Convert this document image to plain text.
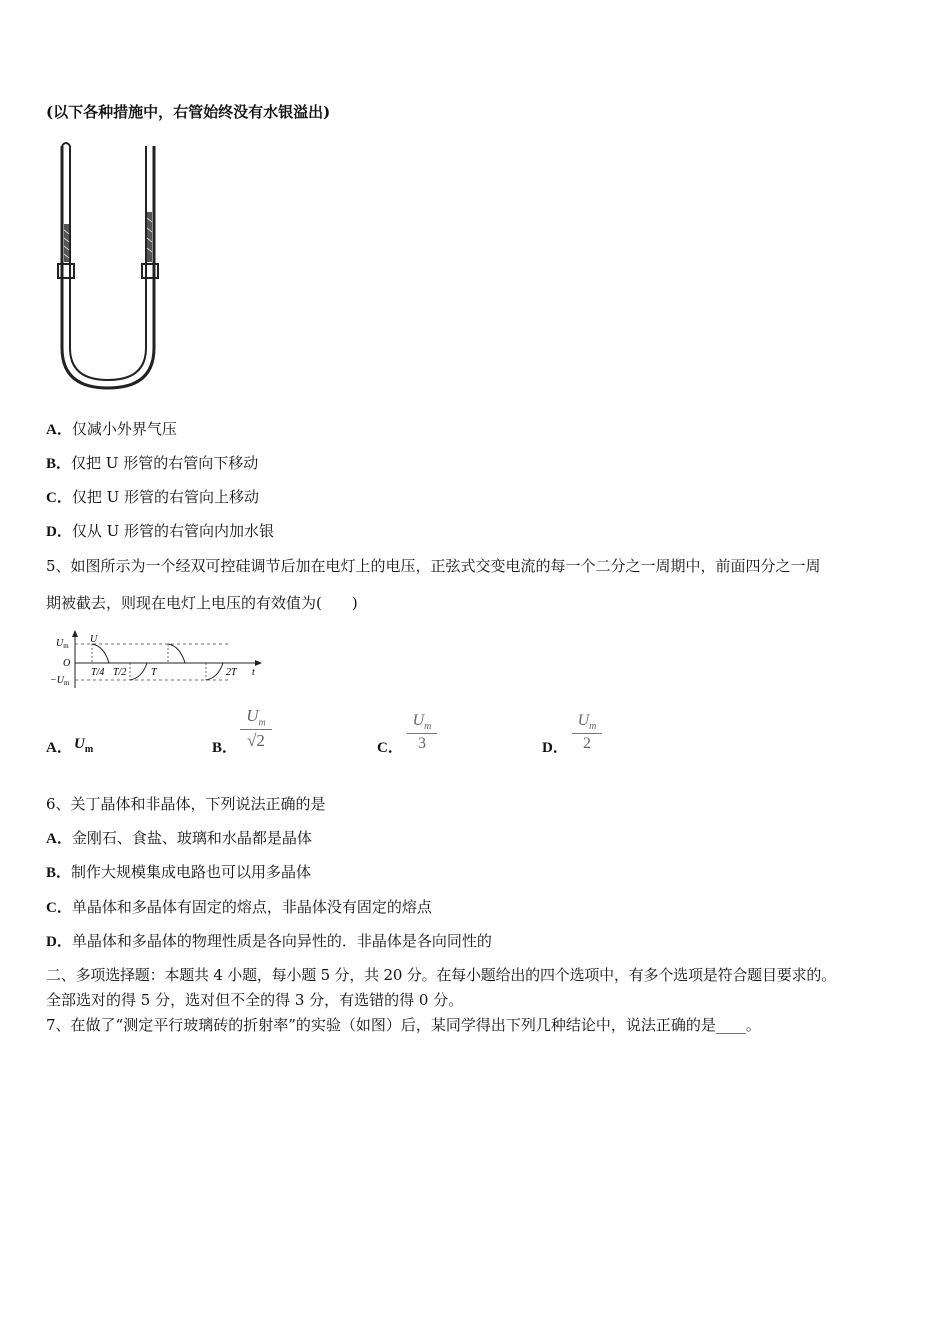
(以下各种措施中，右管始终没有水银溢出)
A．仅减小外界气压
B．仅把 U 形管的右管向下移动
C．仅把 U 形管的右管向上移动
D．仅从 U 形管的右管向内加水银
5、如图所示为一个经双可控硅调节后加在电灯上的电压，正弦式交变电流的每一个二分之一周期中，前面四分之一周
期被截去，则现在电灯上电压的有效值为(　　)
$U_m$
U
O
$-U_m$
T/4 T/2 T	2T t
A． $U_m$	B．
$U_m$
√2	C．
$U_m$
3	D．
$U_m$
2
6、关丁晶体和非晶体，下列说法正确的是
A．金刚石、食盐、玻璃和水晶都是晶体
B．制作大规模集成电路也可以用多晶体
C．单晶体和多晶体有固定的熔点，非晶体没有固定的熔点
D．单晶体和多晶体的物理性质是各向异性的．非晶体是各向同性的
二、多项选择题：本题共 4 小题，每小题 5 分，共 20 分。在每小题给出的四个选项中，有多个选项是符合题目要求的。
全部选对的得 5 分，选对但不全的得 3 分，有选错的得 0 分。
7、在做了“测定平行玻璃砖的折射率”的实验（如图）后，某同学得出下列几种结论中，说法正确的是____。
